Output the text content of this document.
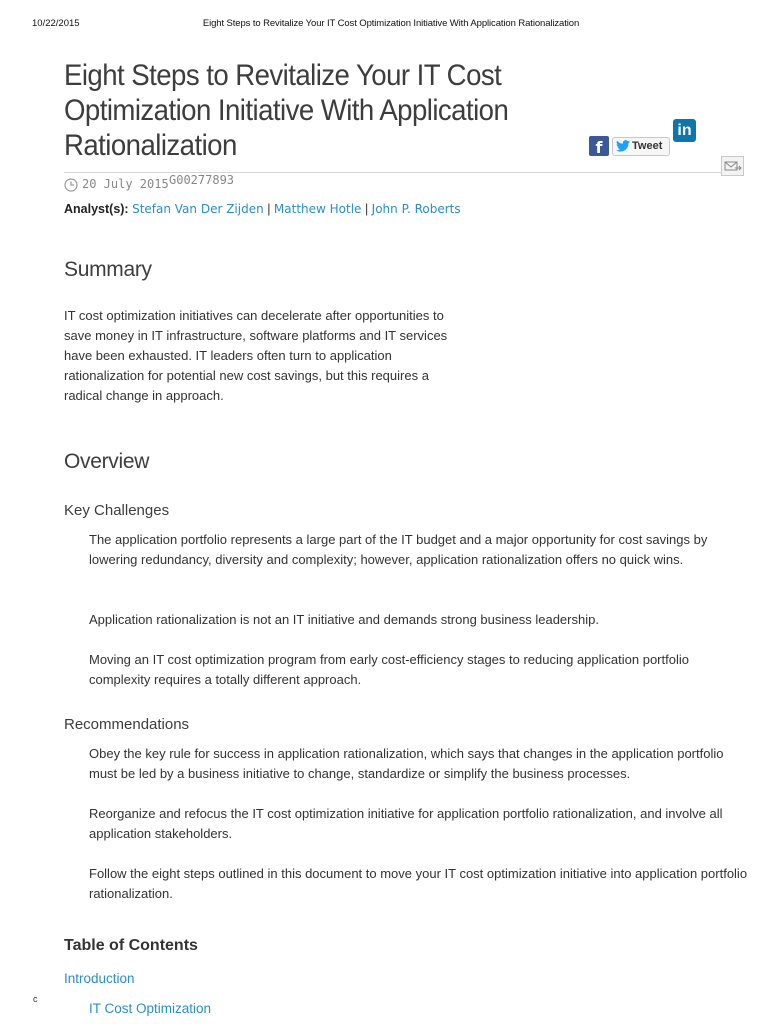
10/22/2015	Eight Steps to Revitalize Your IT Cost Optimization Initiative With Application Rationalization
Eight Steps to Revitalize Your IT Cost Optimization Initiative With Application Rationalization	f	Tweet
in
20 July 2015 G00277893
Analyst(s): Stefan Van Der Zijden | Matthew Hotle | John P. Roberts
Summary

IT cost optimization initiatives can decelerate after opportunities to save money in IT infrastructure, software platforms and IT services have been exhausted. IT leaders often turn to application rationalization for potential new cost savings, but this requires a radical change in approach.

Overview
Key Challenges

The application portfolio represents a large part of the IT budget and a major opportunity for cost savings by lowering redundancy, diversity and complexity; however, application rationalization offers no quick wins.

Application rationalization is not an IT initiative and demands strong business leadership.

Moving an IT cost optimization program from early cost-efficiency stages to reducing application portfolio complexity requires a totally different approach.

Recommendations

Obey the key rule for success in application rationalization, which says that changes in the application portfolio must be led by a business initiative to change, standardize or simplify the business processes.

Reorganize and refocus the IT cost optimization initiative for application portfolio rationalization, and involve all application stakeholders.

Follow the eight steps outlined in this document to move your IT cost optimization initiative into application portfolio rationalization.

Table of Contents
Introduction
IT Cost Optimization
c
